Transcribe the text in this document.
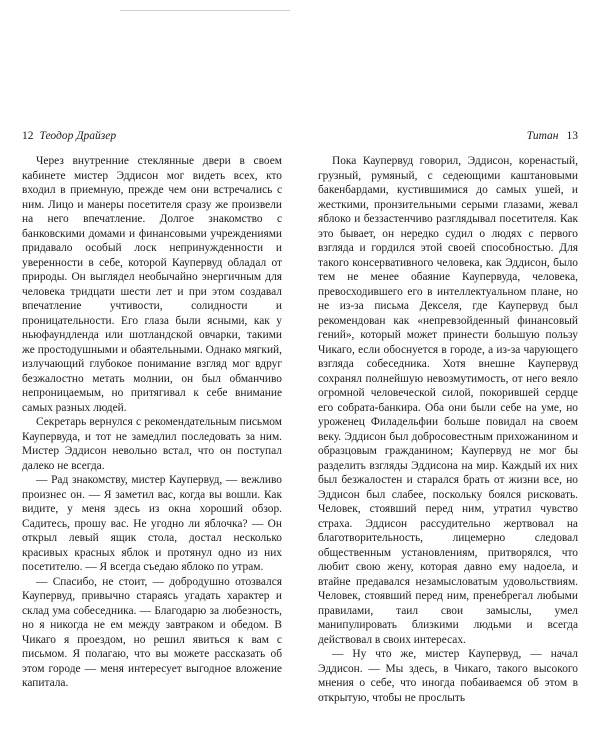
12 Теодор Драйзер

Через внутренние стеклянные двери в своем кабинете мистер Эддисон мог видеть всех, кто входил в приемную, прежде чем они встречались с ним. Лицо и манеры посетителя сразу же произвели на него впечатление. Долгое знакомство с банковскими домами и финансовыми учреждениями придавало особый лоск непринужденности и уверенности в себе, которой Каупервуд обладал от природы. Он выглядел необычайно энергичным для человека тридцати шести лет и при этом создавал впечатление учтивости, солидности и проницательности. Его глаза были ясными, как у ньюфаундленда или шотландской овчарки, такими же простодушными и обаятельными. Однако мягкий, излучающий глубокое понимание взгляд мог вдруг безжалостно метать молнии, он был обманчиво непроницаемым, но притягивал к себе внимание самых разных людей.

Секретарь вернулся с рекомендательным письмом Каупервуда, и тот не замедлил последовать за ним. Мистер Эддисон невольно встал, что он поступал далеко не всегда.

— Рад знакомству, мистер Каупервуд, — вежливо произнес он. — Я заметил вас, когда вы вошли. Как видите, у меня здесь из окна хороший обзор. Садитесь, прошу вас. Не угодно ли яблочка? — Он открыл левый ящик стола, достал несколько красивых красных яблок и протянул одно из них посетителю. — Я всегда съедаю яблоко по утрам.

— Спасибо, не стоит, — добродушно отозвался Каупервуд, привычно стараясь угадать характер и склад ума собеседника. — Благодарю за любезность, но я никогда не ем между завтраком и обедом. В Чикаго я проездом, но решил явиться к вам с письмом. Я полагаю, что вы можете рассказать об этом городе — меня интересует выгодное вложение капитала.

Титан 13

Пока Каупервуд говорил, Эддисон, коренастый, грузный, румяный, с седеющими каштановыми бакенбардами, кустившимися до самых ушей, и жесткими, пронзительными серыми глазами, жевал яблоко и беззастенчиво разглядывал посетителя. Как это бывает, он нередко судил о людях с первого взгляда и гордился этой своей способностью. Для такого консервативного человека, как Эддисон, было тем не менее обаяние Каупервуда, человека, превосходившего его в интеллектуальном плане, но не из-за письма Декселя, где Каупервуд был рекомендован как «непревзойденный финансовый гений», который может принести большую пользу Чикаго, если обоснуется в городе, а из-за чарующего взгляда собеседника. Хотя внешне Каупервуд сохранял полнейшую невозмутимость, от него веяло огромной человеческой силой, покорившей сердце его собрата-банкира. Оба они были себе на уме, но уроженец Филадельфии больше повидал на своем веку. Эддисон был добросовестным прихожанином и образцовым гражданином; Каупервуд не мог бы разделить взгляды Эддисона на мир. Каждый их них был безжалостен и старался брать от жизни все, но Эддисон был слабее, поскольку боялся рисковать. Человек, стоявший перед ним, утратил чувство страха. Эддисон рассудительно жертвовал на благотворительность, лицемерно следовал общественным установлениям, притворялся, что любит свою жену, которая давно ему надоела, и втайне предавался незамысловатым удовольствиям. Человек, стоявший перед ним, пренебрегал любыми правилами, таил свои замыслы, умел манипулировать близкими людьми и всегда действовал в своих интересах.

— Ну что же, мистер Каупервуд, — начал Эддисон. — Мы здесь, в Чикаго, такого высокого мнения о себе, что иногда побаиваемся об этом в открытую, чтобы не прослыть
